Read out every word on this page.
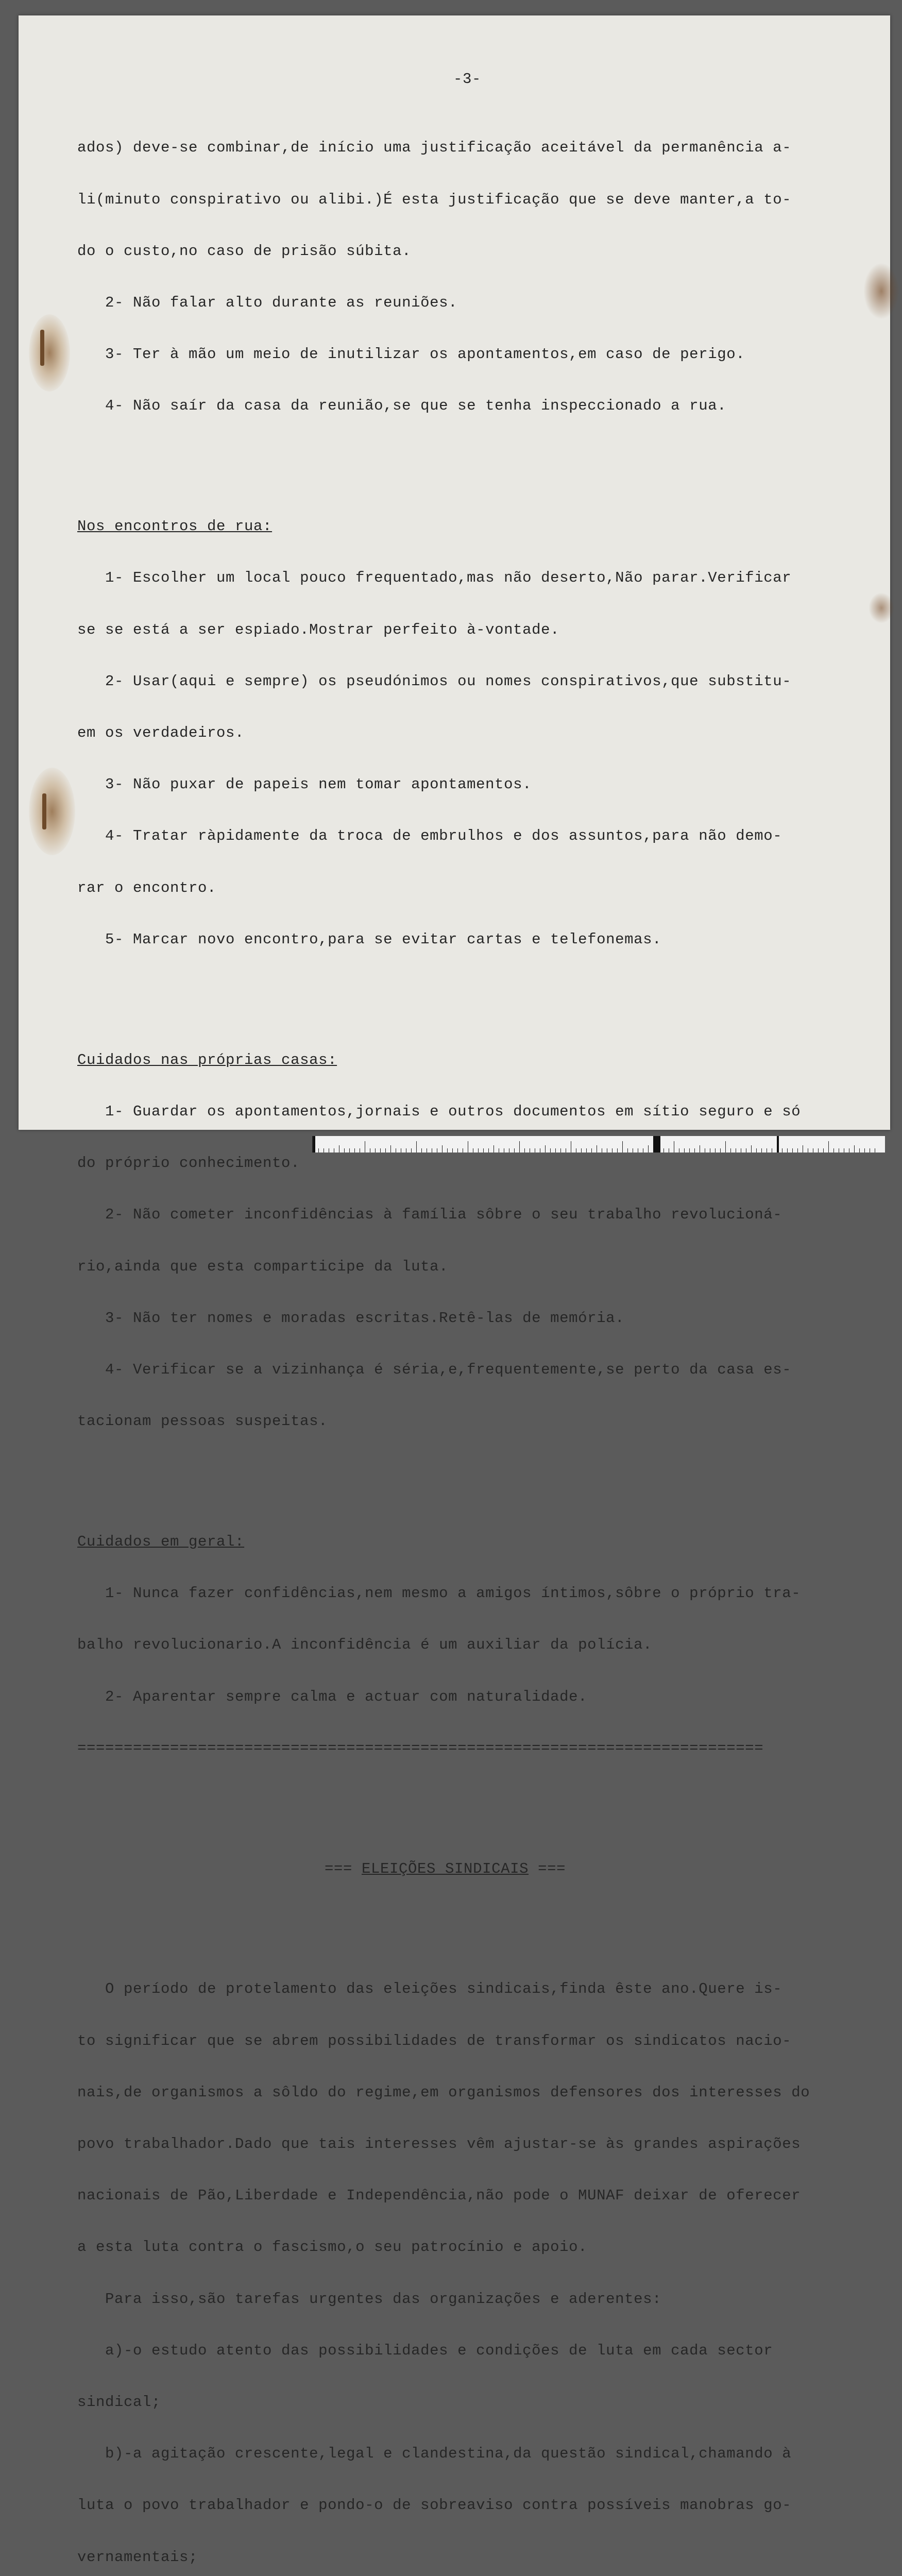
-3-

ados) deve-se combinar,de início uma justificação aceitável da permanência a-

li(minuto conspirativo ou alibi.)É esta justificação que se deve manter,a to-

do o custo,no caso de prisão súbita.

2- Não falar alto durante as reuniões.

3- Ter à mão um meio de inutilizar os apontamentos,em caso de perigo.

4- Não saír da casa da reunião,se que se tenha inspeccionado a rua.

Nos encontros de rua:

1- Escolher um local pouco frequentado,mas não deserto,Não parar.Verificar

se se está a ser espiado.Mostrar perfeito à-vontade.

2- Usar(aqui e sempre) os pseudónimos ou nomes conspirativos,que substitu-

em os verdadeiros.

3- Não puxar de papeis nem tomar apontamentos.

4- Tratar ràpidamente da troca de embrulhos e dos assuntos,para não demo-

rar o encontro.

5- Marcar novo encontro,para se evitar cartas e telefonemas.

Cuidados nas próprias casas:

1- Guardar os apontamentos,jornais e outros documentos em sítio seguro e só

do próprio conhecimento.

2- Não cometer inconfidências à família sôbre o seu trabalho revolucioná-

rio,ainda que esta comparticipe da luta.

3- Não ter nomes e moradas escritas.Retê-las de memória.

4- Verificar se a vizinhança é séria,e,frequentemente,se perto da casa es-

tacionam pessoas suspeitas.

Cuidados em geral:

1- Nunca fazer confidências,nem mesmo a amigos íntimos,sôbre o próprio tra-

balho revolucionario.A inconfidência é um auxiliar da polícia.

2- Aparentar sempre calma e actuar com naturalidade.

==========================================================================

=== ELEIÇÕES SINDICAIS ===

O período de protelamento das eleições sindicais,finda êste ano.Quere is-

to significar que se abrem possibilidades de transformar os sindicatos nacio-

nais,de organismos a sôldo do regime,em organismos defensores dos interesses do

povo trabalhador.Dado que tais interesses vêm ajustar-se às grandes aspirações

nacionais de Pão,Liberdade e Independência,não pode o MUNAF deixar de oferecer

a esta luta contra o fascismo,o seu patrocínio e apoio.

Para isso,são tarefas urgentes das organizações e aderentes:

a)-o estudo atento das possibilidades e condições de luta em cada sector

sindical;

b)-a agitação crescente,legal e clandestina,da questão sindical,chamando à

luta o povo trabalhador e pondo-o de sobreaviso contra possíveis manobras go-

vernamentais;
